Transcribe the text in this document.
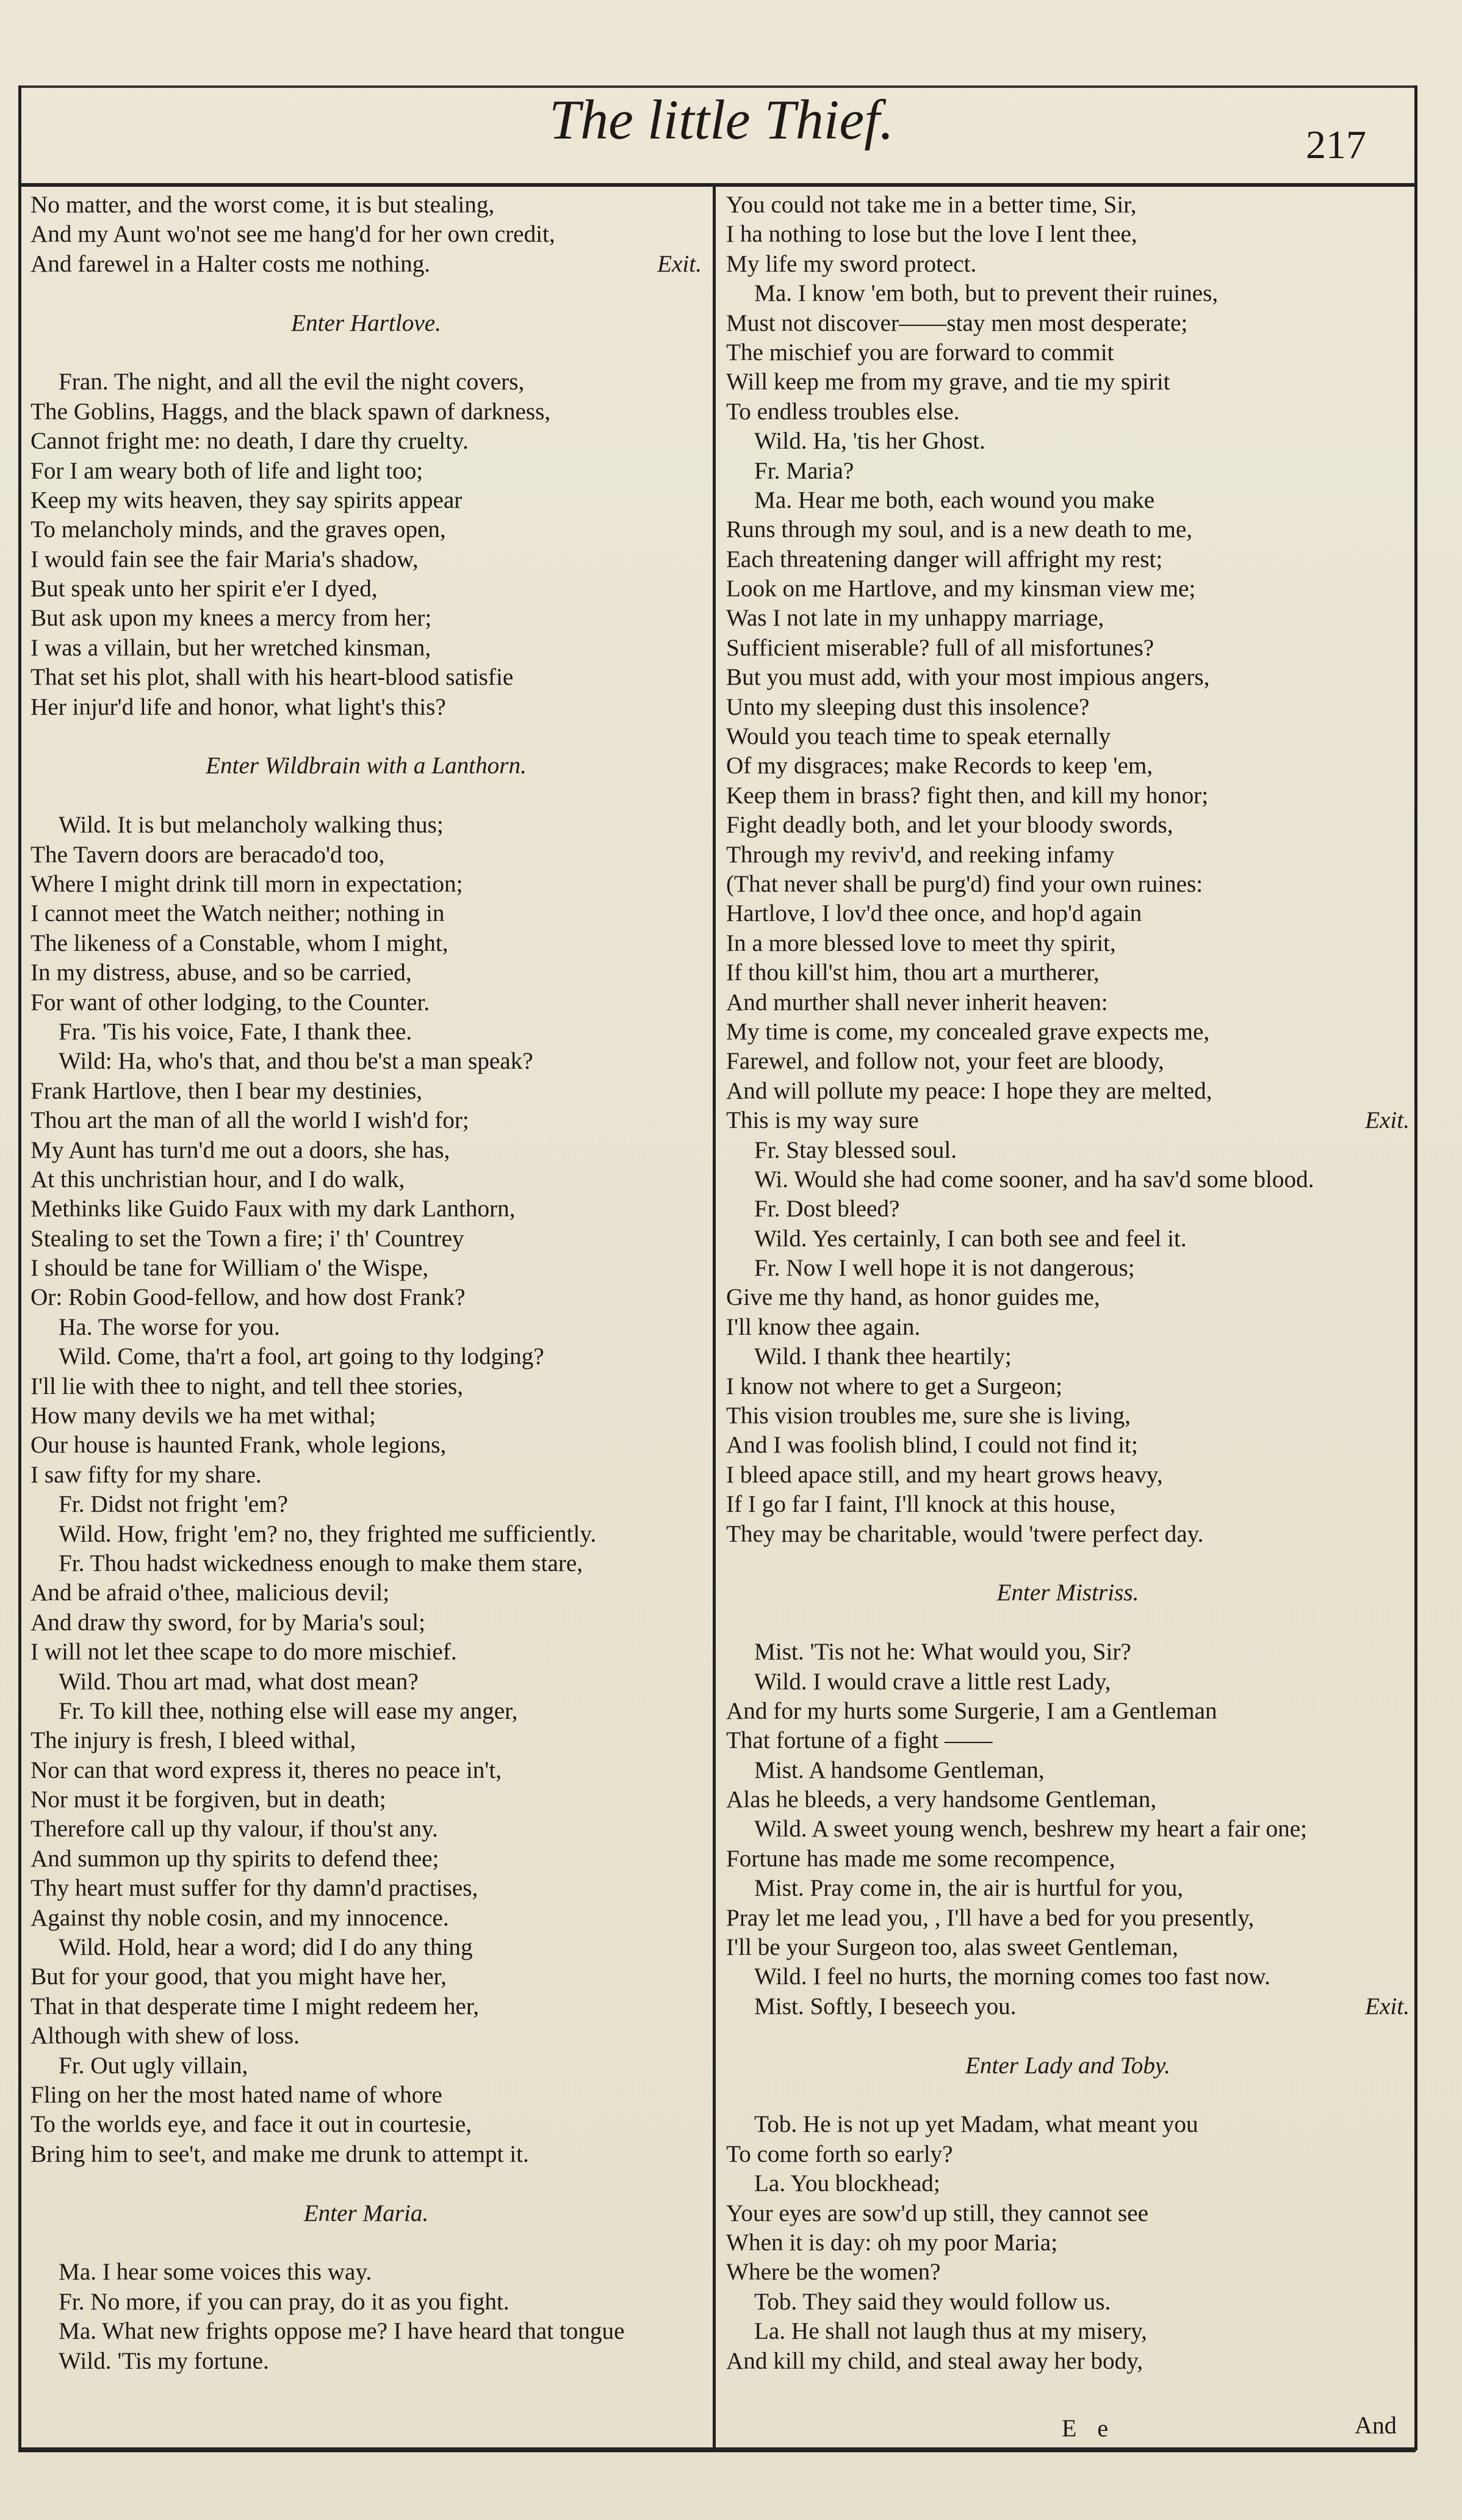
The little Thief.	217
No matter, and the worst come, it is but stealing,
And my Aunt wo'not see me hang'd for her own credit,
And farewel in a Halter costs me nothing.	Exit.
Enter Hartlove.
Fran. The night, and all the evil the night covers,
The Goblins, Haggs, and the black spawn of darkness,
Cannot fright me: no death, I dare thy cruelty.
For I am weary both of life and light too;
Keep my wits heaven, they say spirits appear
To melancholy minds, and the graves open,
I would fain see the fair Maria's shadow,
But speak unto her spirit e'er I dyed,
But ask upon my knees a mercy from her;
I was a villain, but her wretched kinsman,
That set his plot, shall with his heart-blood satisfie
Her injur'd life and honor, what light's this?
Enter Wildbrain with a Lanthorn.
Wild. It is but melancholy walking thus;
The Tavern doors are beracado'd too,
Where I might drink till morn in expectation;
I cannot meet the Watch neither; nothing in
The likeness of a Constable, whom I might,
In my distress, abuse, and so be carried,
For want of other lodging, to the Counter.
Fra. 'Tis his voice, Fate, I thank thee.
Wild: Ha, who's that, and thou be'st a man speak?
Frank Hartlove, then I bear my destinies,
Thou art the man of all the world I wish'd for;
My Aunt has turn'd me out a doors, she has,
At this unchristian hour, and I do walk,
Methinks like Guido Faux with my dark Lanthorn,
Stealing to set the Town a fire; i' th' Countrey
I should be tane for William o' the Wispe,
Or: Robin Good-fellow, and how dost Frank?
Ha. The worse for you.
Wild. Come, tha'rt a fool, art going to thy lodging?
I'll lie with thee to night, and tell thee stories,
How many devils we ha met withal;
Our house is haunted Frank, whole legions,
I saw fifty for my share.
Fr. Didst not fright 'em?
Wild. How, fright 'em? no, they frighted me sufficiently.
Fr. Thou hadst wickedness enough to make them stare,
And be afraid o'thee, malicious devil;
And draw thy sword, for by Maria's soul;
I will not let thee scape to do more mischief.
Wild. Thou art mad, what dost mean?
Fr. To kill thee, nothing else will ease my anger,
The injury is fresh, I bleed withal,
Nor can that word express it, theres no peace in't,
Nor must it be forgiven, but in death;
Therefore call up thy valour, if thou'st any.
And summon up thy spirits to defend thee;
Thy heart must suffer for thy damn'd practises,
Against thy noble cosin, and my innocence.
Wild. Hold, hear a word; did I do any thing
But for your good, that you might have her,
That in that desperate time I might redeem her,
Although with shew of loss.
Fr. Out ugly villain,
Fling on her the most hated name of whore
To the worlds eye, and face it out in courtesie,
Bring him to see't, and make me drunk to attempt it.
Enter Maria.
Ma. I hear some voices this way.
Fr. No more, if you can pray, do it as you fight.
Ma. What new frights oppose me? I have heard that tongue
Wild. 'Tis my fortune.
You could not take me in a better time, Sir,
I ha nothing to lose but the love I lent thee,
My life my sword protect.
Ma. I know 'em both, but to prevent their ruines,
Must not discover——stay men most desperate;
The mischief you are forward to commit
Will keep me from my grave, and tie my spirit
To endless troubles else.
Wild. Ha, 'tis her Ghost.
Fr. Maria?
Ma. Hear me both, each wound you make
Runs through my soul, and is a new death to me,
Each threatening danger will affright my rest;
Look on me Hartlove, and my kinsman view me;
Was I not late in my unhappy marriage,
Sufficient miserable? full of all misfortunes?
But you must add, with your most impious angers,
Unto my sleeping dust this insolence?
Would you teach time to speak eternally
Of my disgraces; make Records to keep 'em,
Keep them in brass? fight then, and kill my honor;
Fight deadly both, and let your bloody swords,
Through my reviv'd, and reeking infamy
(That never shall be purg'd) find your own ruines:
Hartlove, I lov'd thee once, and hop'd again
In a more blessed love to meet thy spirit,
If thou kill'st him, thou art a murtherer,
And murther shall never inherit heaven:
My time is come, my concealed grave expects me,
Farewel, and follow not, your feet are bloody,
And will pollute my peace: I hope they are melted,
This is my way sure	Exit.
Fr. Stay blessed soul.
Wi. Would she had come sooner, and ha sav'd some blood.
Fr. Dost bleed?
Wild. Yes certainly, I can both see and feel it.
Fr. Now I well hope it is not dangerous;
Give me thy hand, as honor guides me,
I'll know thee again.
Wild. I thank thee heartily;
I know not where to get a Surgeon;
This vision troubles me, sure she is living,
And I was foolish blind, I could not find it;
I bleed apace still, and my heart grows heavy,
If I go far I faint, I'll knock at this house,
They may be charitable, would 'twere perfect day.
Enter Mistriss.
Mist. 'Tis not he: What would you, Sir?
Wild. I would crave a little rest Lady,
And for my hurts some Surgerie, I am a Gentleman
That fortune of a fight ——
Mist. A handsome Gentleman,
Alas he bleeds, a very handsome Gentleman,
Wild. A sweet young wench, beshrew my heart a fair one;
Fortune has made me some recompence,
Mist. Pray come in, the air is hurtful for you,
Pray let me lead you, , I'll have a bed for you presently,
I'll be your Surgeon too, alas sweet Gentleman,
Wild. I feel no hurts, the morning comes too fast now.
Mist. Softly, I beseech you.	Exit.
Enter Lady and Toby.
Tob. He is not up yet Madam, what meant you
To come forth so early?
La. You blockhead;
Your eyes are sow'd up still, they cannot see
When it is day: oh my poor Maria;
Where be the women?
Tob. They said they would follow us.
La. He shall not laugh thus at my misery,
And kill my child, and steal away her body,
E e	And
